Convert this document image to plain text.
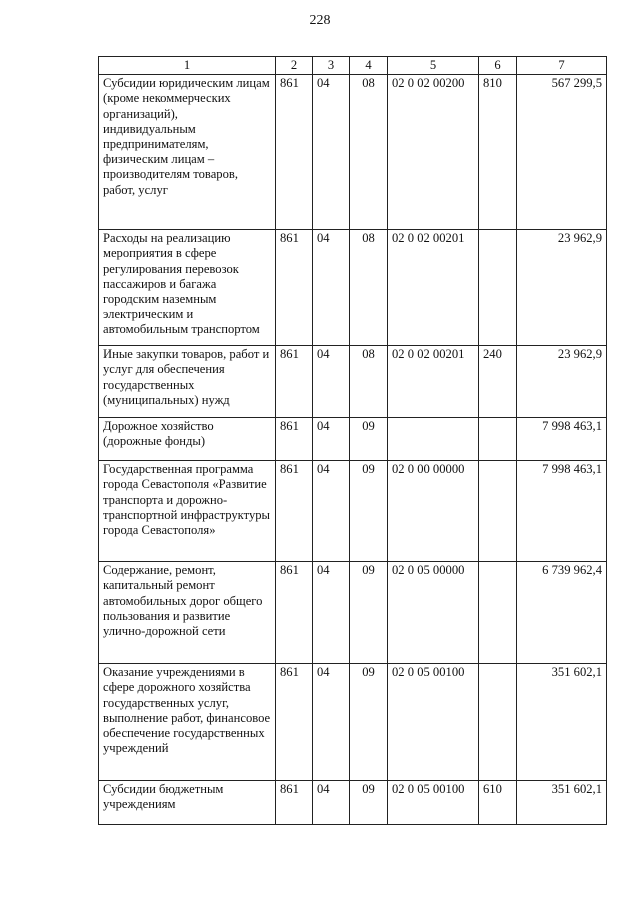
228
1	2	3	4	5	6	7
Субсидии юридическим лицам (кроме некоммерческих организаций), индивидуальным предпринимателям, физическим лицам – производителям товаров, работ, услуг	861	04	08	02 0 02 00200	810	567 299,5
Расходы на реализацию мероприятия в сфере регулирования перевозок пассажиров и багажа городским наземным электрическим и автомобильным транспортом	861	04	08	02 0 02 00201		23 962,9
Иные закупки товаров, работ и услуг для обеспечения государственных (муниципальных) нужд	861	04	08	02 0 02 00201	240	23 962,9
Дорожное хозяйство (дорожные фонды)	861	04	09			7 998 463,1
Государственная программа города Севастополя «Развитие транспорта и дорожно-транспортной инфраструктуры города Севастополя»	861	04	09	02 0 00 00000		7 998 463,1
Содержание, ремонт, капитальный ремонт автомобильных дорог общего пользования и развитие улично-дорожной сети	861	04	09	02 0 05 00000		6 739 962,4
Оказание учреждениями в сфере дорожного хозяйства государственных услуг, выполнение работ, финансовое обеспечение государственных учреждений	861	04	09	02 0 05 00100		351 602,1
Субсидии бюджетным учреждениям	861	04	09	02 0 05 00100	610	351 602,1
